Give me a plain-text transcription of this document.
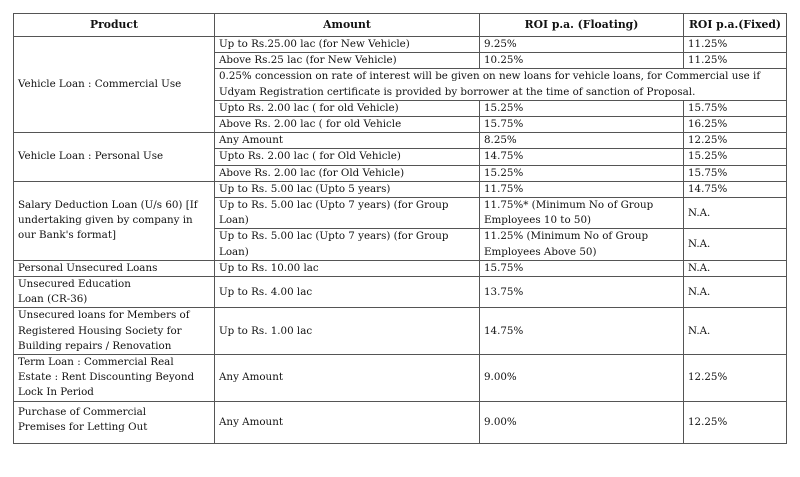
Product	Amount	ROI p.a. (Floating)	ROI p.a.(Fixed)
Vehicle Loan : Commercial Use	Up to Rs.25.00 lac (for New Vehicle)	9.25%	11.25%
	Above Rs.25 lac (for New Vehicle)	10.25%	11.25%
	0.25% concession on rate of interest will be given on new loans for vehicle loans, for Commercial use if Udyam Registration certificate is provided by borrower at the time of sanction of Proposal.		
	Upto Rs. 2.00 lac ( for old Vehicle)	15.25%	15.75%
	Above Rs. 2.00 lac ( for old Vehicle	15.75%	16.25%
Vehicle Loan : Personal Use	Any Amount	8.25%	12.25%
	Upto Rs. 2.00 lac ( for Old Vehicle)	14.75%	15.25%
	Above Rs. 2.00 lac (for Old Vehicle)	15.25%	15.75%
Salary Deduction Loan (U/s 60) [If undertaking given by company in our Bank's format]	Up to Rs. 5.00 lac (Upto 5 years)	11.75%	14.75%
	Up to Rs. 5.00 lac (Upto 7 years) (for Group Loan)	11.75%* (Minimum No of Group Employees 10 to 50)	N.A.
	Up to Rs. 5.00 lac (Upto 7 years) (for Group Loan)	11.25% (Minimum No of Group Employees Above 50)	N.A.
Personal Unsecured Loans	Up to Rs. 10.00 lac	15.75%	N.A.
Unsecured Education Loan (CR-36)	Up to Rs. 4.00 lac	13.75%	N.A.
Unsecured loans for Members of Registered Housing Society for Building repairs / Renovation	Up to Rs. 1.00 lac	14.75%	N.A.
Term Loan : Commercial Real Estate : Rent Discounting Beyond Lock In Period	Any Amount	9.00%	12.25%
Purchase of Commercial Premises for Letting Out	Any Amount	9.00%	12.25%
